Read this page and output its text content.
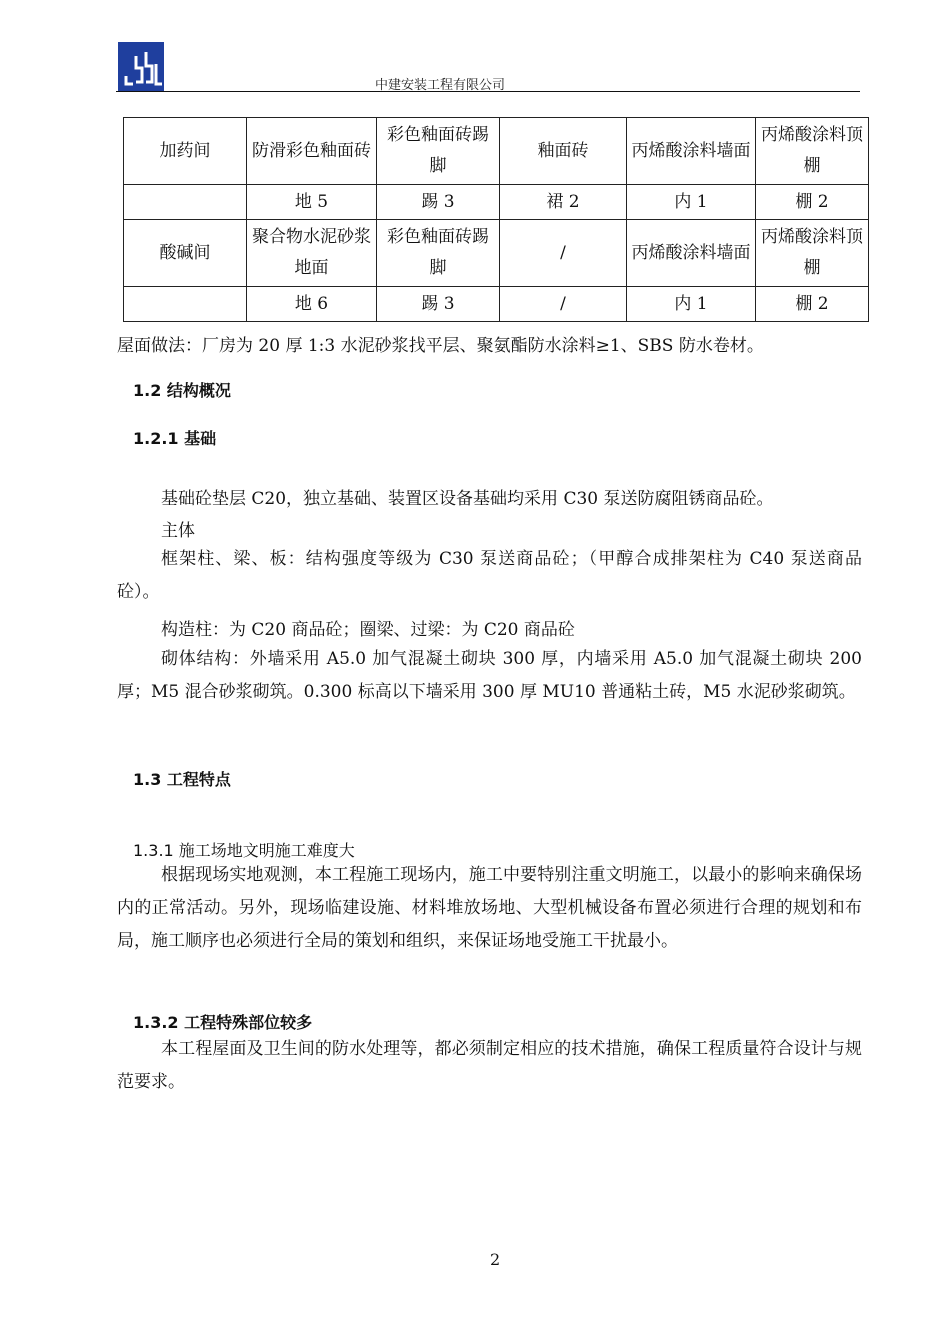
中建安装工程有限公司
加药间	防滑彩色釉面砖	彩色釉面砖踢脚	釉面砖	丙烯酸涂料墙面	丙烯酸涂料顶棚
	地 5	踢 3	裙 2	内 1	棚 2
酸碱间	聚合物水泥砂浆地面	彩色釉面砖踢脚	/	丙烯酸涂料墙面	丙烯酸涂料顶棚
	地 6	踢 3	/	内 1	棚 2
屋面做法：厂房为 20 厚 1:3 水泥砂浆找平层、聚氨酯防水涂料≥1、SBS 防水卷材。
1.2 结构概况
1.2.1 基础
基础砼垫层 C20，独立基础、装置区设备基础均采用 C30 泵送防腐阻锈商品砼。
主体
框架柱、梁、板：结构强度等级为 C30 泵送商品砼；（甲醇合成排架柱为 C40 泵送商品砼）。
构造柱：为 C20 商品砼；圈梁、过梁：为 C20 商品砼
砌体结构：外墙采用 A5.0 加气混凝土砌块 300 厚，内墙采用 A5.0 加气混凝土砌块 200 厚；M5 混合砂浆砌筑。0.300 标高以下墙采用 300 厚 MU10 普通粘土砖，M5 水泥砂浆砌筑。
1.3 工程特点
1.3.1 施工场地文明施工难度大
根据现场实地观测，本工程施工现场内，施工中要特别注重文明施工，以最小的影响来确保场内的正常活动。另外，现场临建设施、材料堆放场地、大型机械设备布置必须进行合理的规划和布局，施工顺序也必须进行全局的策划和组织，来保证场地受施工干扰最小。
1.3.2 工程特殊部位较多
本工程屋面及卫生间的防水处理等，都必须制定相应的技术措施，确保工程质量符合设计与规范要求。
2
